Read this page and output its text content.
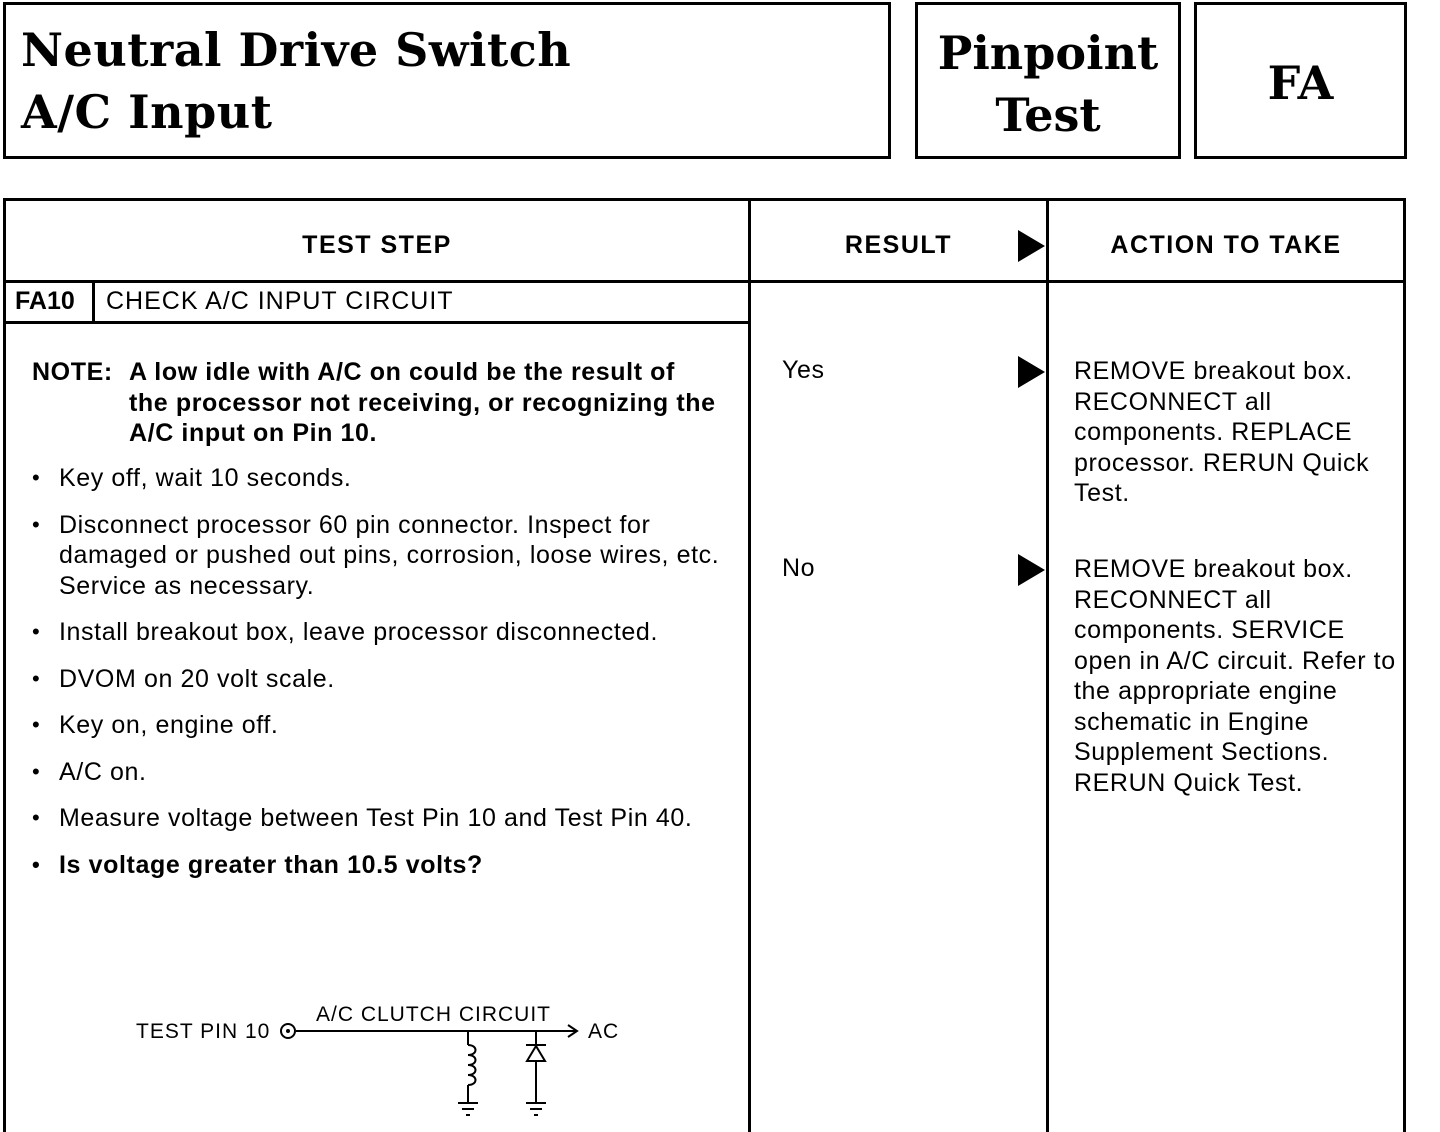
Neutral Drive Switch
A/C Input
Pinpoint
Test
FA
TEST STEP	RESULT	ACTION TO TAKE
FA10 CHECK A/C INPUT CIRCUIT
NOTE: A low idle with A/C on could be the result of the processor not receiving, or recognizing the A/C input on Pin 10.
• Key off, wait 10 seconds.
• Disconnect processor 60 pin connector. Inspect for damaged or pushed out pins, corrosion, loose wires, etc. Service as necessary.
• Install breakout box, leave processor disconnected.
• DVOM on 20 volt scale.
• Key on, engine off.
• A/C on.
• Measure voltage between Test Pin 10 and Test Pin 40.
• Is voltage greater than 10.5 volts?
Yes	REMOVE breakout box. RECONNECT all components. REPLACE processor. RERUN Quick Test.
No	REMOVE breakout box. RECONNECT all components. SERVICE open in A/C circuit. Refer to the appropriate engine schematic in Engine Supplement Sections. RERUN Quick Test.
TEST PIN 10
A/C CLUTCH CIRCUIT
AC
